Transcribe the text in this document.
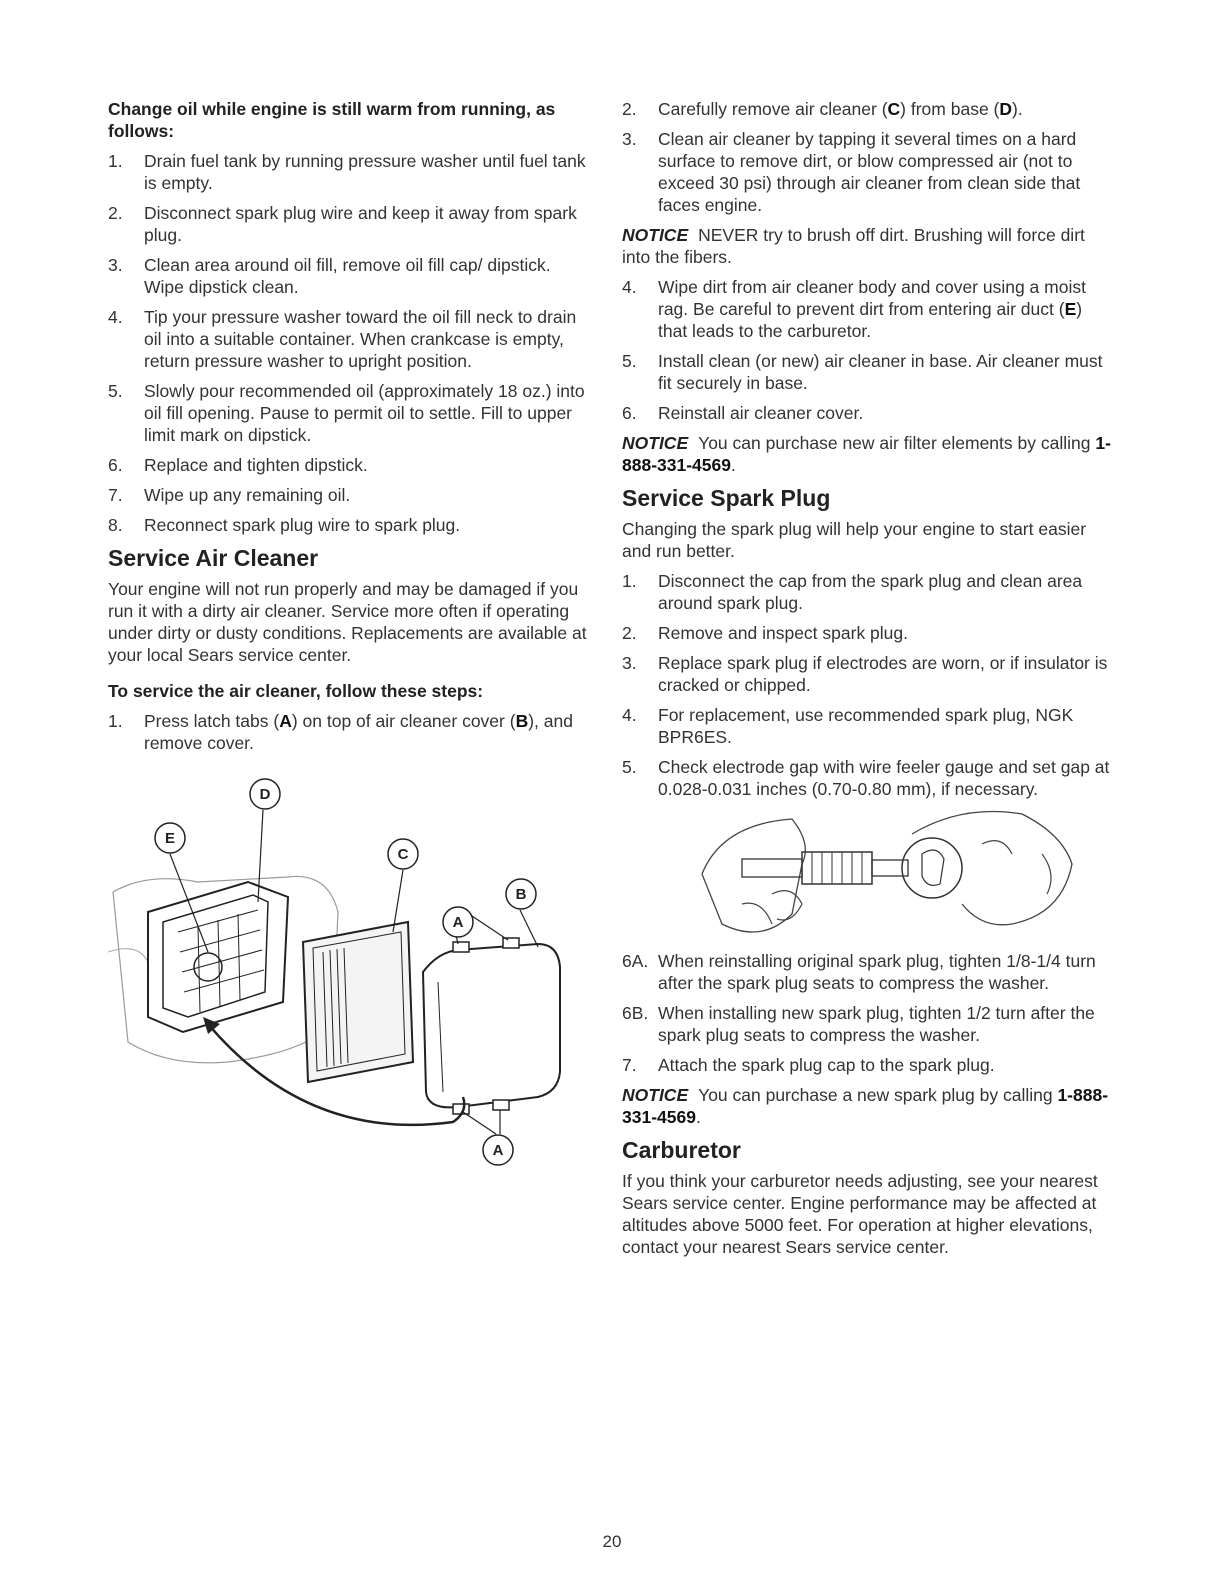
Change oil while engine is still warm from running, as follows:

1. Drain fuel tank by running pressure washer until fuel tank is empty.
2. Disconnect spark plug wire and keep it away from spark plug.
3. Clean area around oil fill, remove oil fill cap/ dipstick. Wipe dipstick clean.
4. Tip your pressure washer toward the oil fill neck to drain oil into a suitable container. When crankcase is empty, return pressure washer to upright position.
5. Slowly pour recommended oil (approximately 18 oz.) into oil fill opening. Pause to permit oil to settle. Fill to upper limit mark on dipstick.
6. Replace and tighten dipstick.
7. Wipe up any remaining oil.
8. Reconnect spark plug wire to spark plug.
Service Air Cleaner

Your engine will not run properly and may be damaged if you run it with a dirty air cleaner. Service more often if operating under dirty or dusty conditions. Replacements are available at your local Sears service center.

To service the air cleaner, follow these steps:

1. Press latch tabs (A) on top of air cleaner cover (B), and remove cover.
D
E
C
B
A
A
2. Carefully remove air cleaner (C) from base (D).
3. Clean air cleaner by tapping it several times on a hard surface to remove dirt, or blow compressed air (not to exceed 30 psi) through air cleaner from clean side that faces engine.

NOTICE NEVER try to brush off dirt. Brushing will force dirt into the fibers.

4. Wipe dirt from air cleaner body and cover using a moist rag. Be careful to prevent dirt from entering air duct (E) that leads to the carburetor.
5. Install clean (or new) air cleaner in base. Air cleaner must fit securely in base.
6. Reinstall air cleaner cover.

NOTICE You can purchase new air filter elements by calling 1-888-331-4569.

Service Spark Plug

Changing the spark plug will help your engine to start easier and run better.

1. Disconnect the cap from the spark plug and clean area around spark plug.
2. Remove and inspect spark plug.
3. Replace spark plug if electrodes are worn, or if insulator is cracked or chipped.
4. For replacement, use recommended spark plug, NGK BPR6ES.
5. Check electrode gap with wire feeler gauge and set gap at 0.028-0.031 inches (0.70-0.80 mm), if necessary.
6A. When reinstalling original spark plug, tighten 1/8-1/4 turn after the spark plug seats to compress the washer.
6B. When installing new spark plug, tighten 1/2 turn after the spark plug seats to compress the washer.
7. Attach the spark plug cap to the spark plug.

NOTICE You can purchase a new spark plug by calling 1-888-331-4569.

Carburetor

If you think your carburetor needs adjusting, see your nearest Sears service center. Engine performance may be affected at altitudes above 5000 feet. For operation at higher elevations, contact your nearest Sears service center.

20
